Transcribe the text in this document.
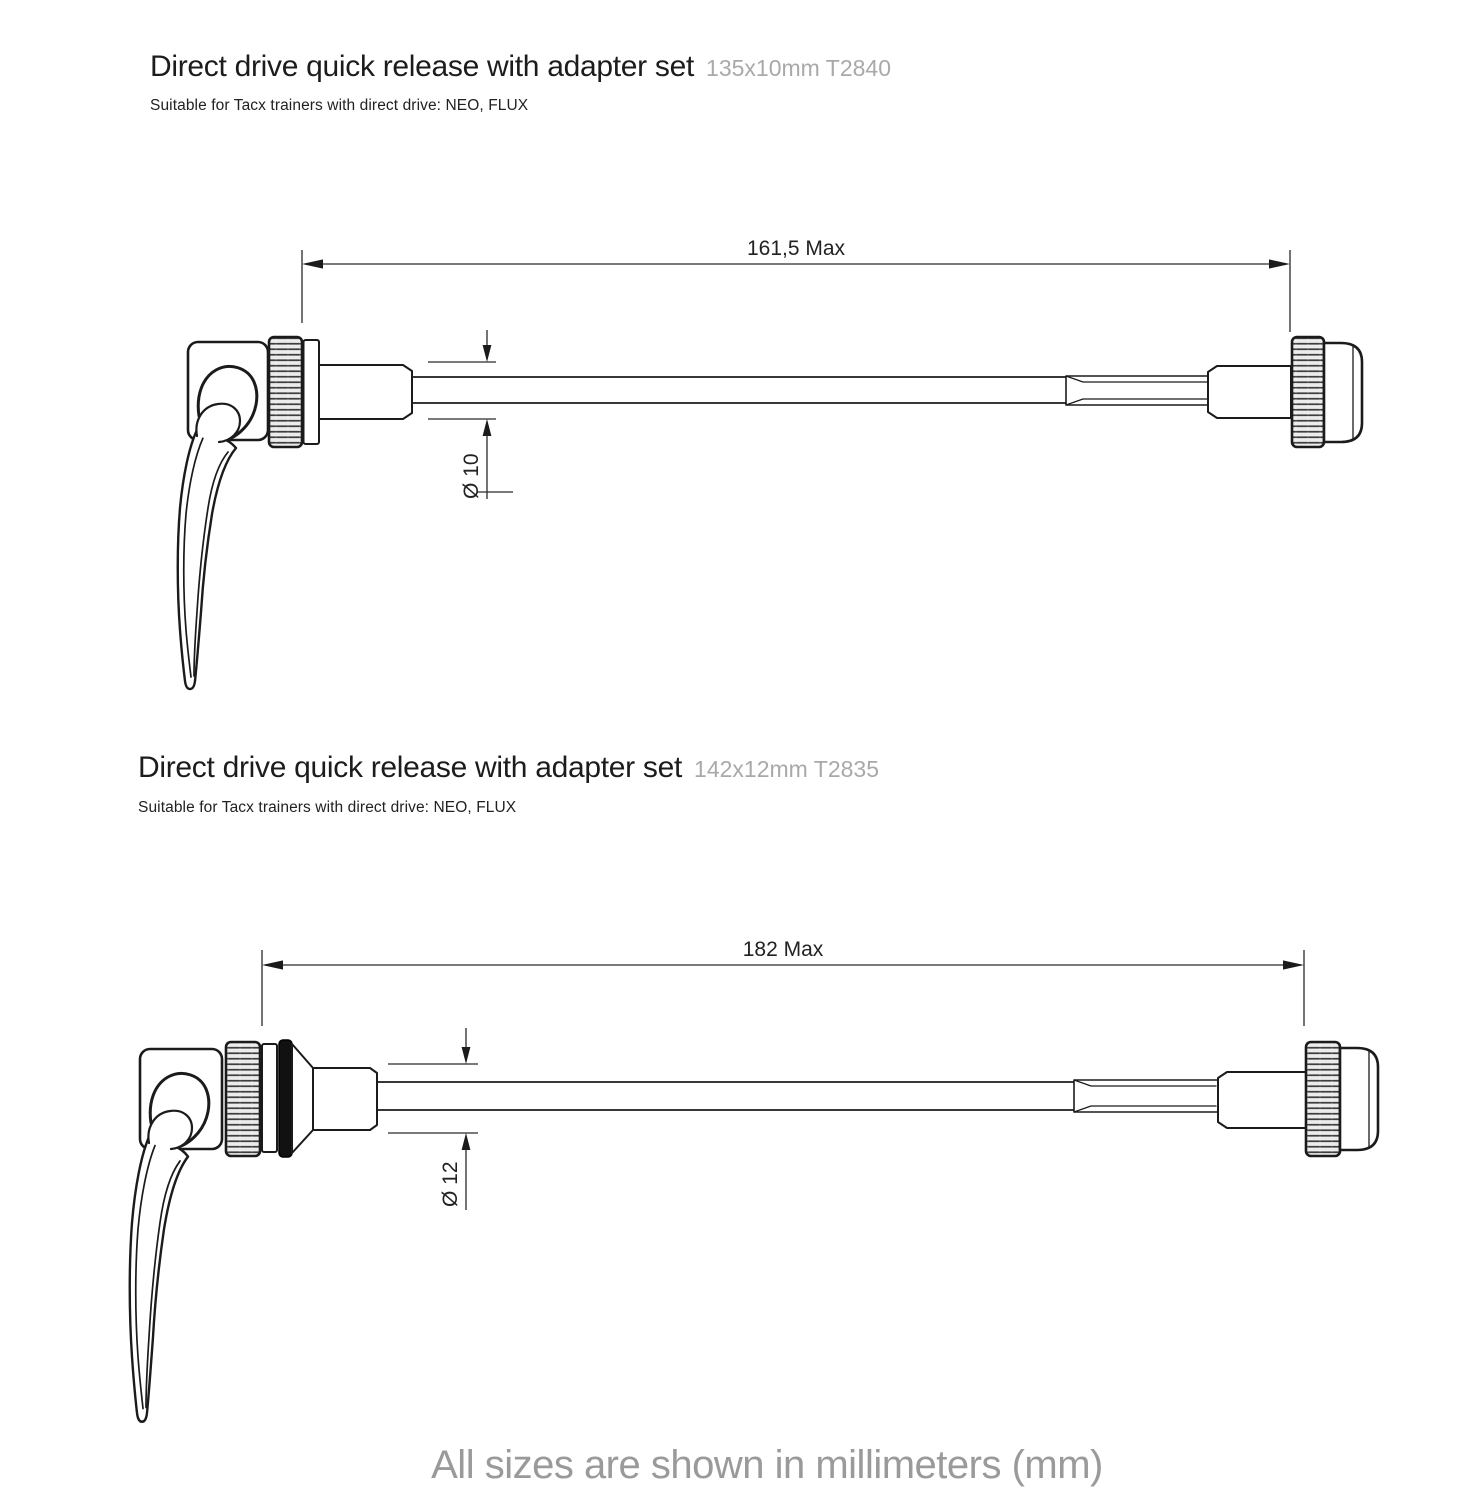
Direct drive quick release with adapter set 135x10mm T2840
Suitable for Tacx trainers with direct drive: NEO, FLUX
161,5 Max
Ø 10
Direct drive quick release with adapter set 142x12mm T2835
Suitable for Tacx trainers with direct drive: NEO, FLUX
182 Max
Ø 12
All sizes are shown in millimeters (mm)
